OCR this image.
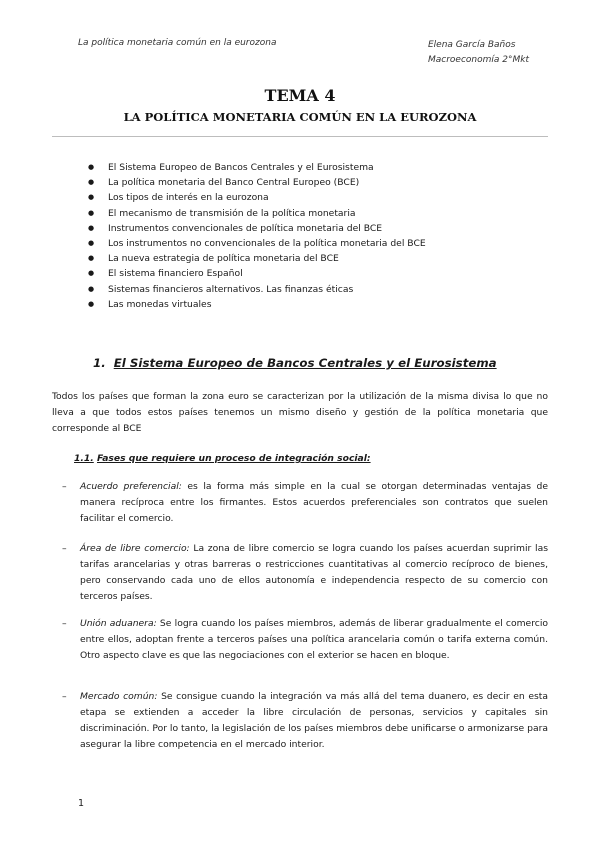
La política monetaria común en la eurozona	Elena García Baños
Macroeconomía 2°Mkt
TEMA 4
LA POLÍTICA MONETARIA COMÚN EN LA EUROZONA
● El Sistema Europeo de Bancos Centrales y el Eurosistema
● La política monetaria del Banco Central Europeo (BCE)
● Los tipos de interés en la eurozona
● El mecanismo de transmisión de la política monetaria
● Instrumentos convencionales de política monetaria del BCE
● Los instrumentos no convencionales de la política monetaria del BCE
● La nueva estrategia de política monetaria del BCE
● El sistema financiero Español
● Sistemas financieros alternativos. Las finanzas éticas
● Las monedas virtuales
1. El Sistema Europeo de Bancos Centrales y el Eurosistema
Todos los países que forman la zona euro se caracterizan por la utilización de la misma divisa lo que no lleva a que todos estos países tenemos un mismo diseño y gestión de la política monetaria que corresponde al BCE
1.1. Fases que requiere un proceso de integración social:
– Acuerdo preferencial: es la forma más simple en la cual se otorgan determinadas ventajas de manera recíproca entre los firmantes. Estos acuerdos preferenciales son contratos que suelen facilitar el comercio.
– Área de libre comercio: La zona de libre comercio se logra cuando los países acuerdan suprimir las tarifas arancelarias y otras barreras o restricciones cuantitativas al comercio recíproco de bienes, pero conservando cada uno de ellos autonomía e independencia respecto de su comercio con terceros países.
– Unión aduanera: Se logra cuando los países miembros, además de liberar gradualmente el comercio entre ellos, adoptan frente a terceros países una política arancelaria común o tarifa externa común. Otro aspecto clave es que las negociaciones con el exterior se hacen en bloque.
– Mercado común: Se consigue cuando la integración va más allá del tema duanero, es decir en esta etapa se extienden a acceder la libre circulación de personas, servicios y capitales sin discriminación. Por lo tanto, la legislación de los países miembros debe unificarse o armonizarse para asegurar la libre competencia en el mercado interior.
1
